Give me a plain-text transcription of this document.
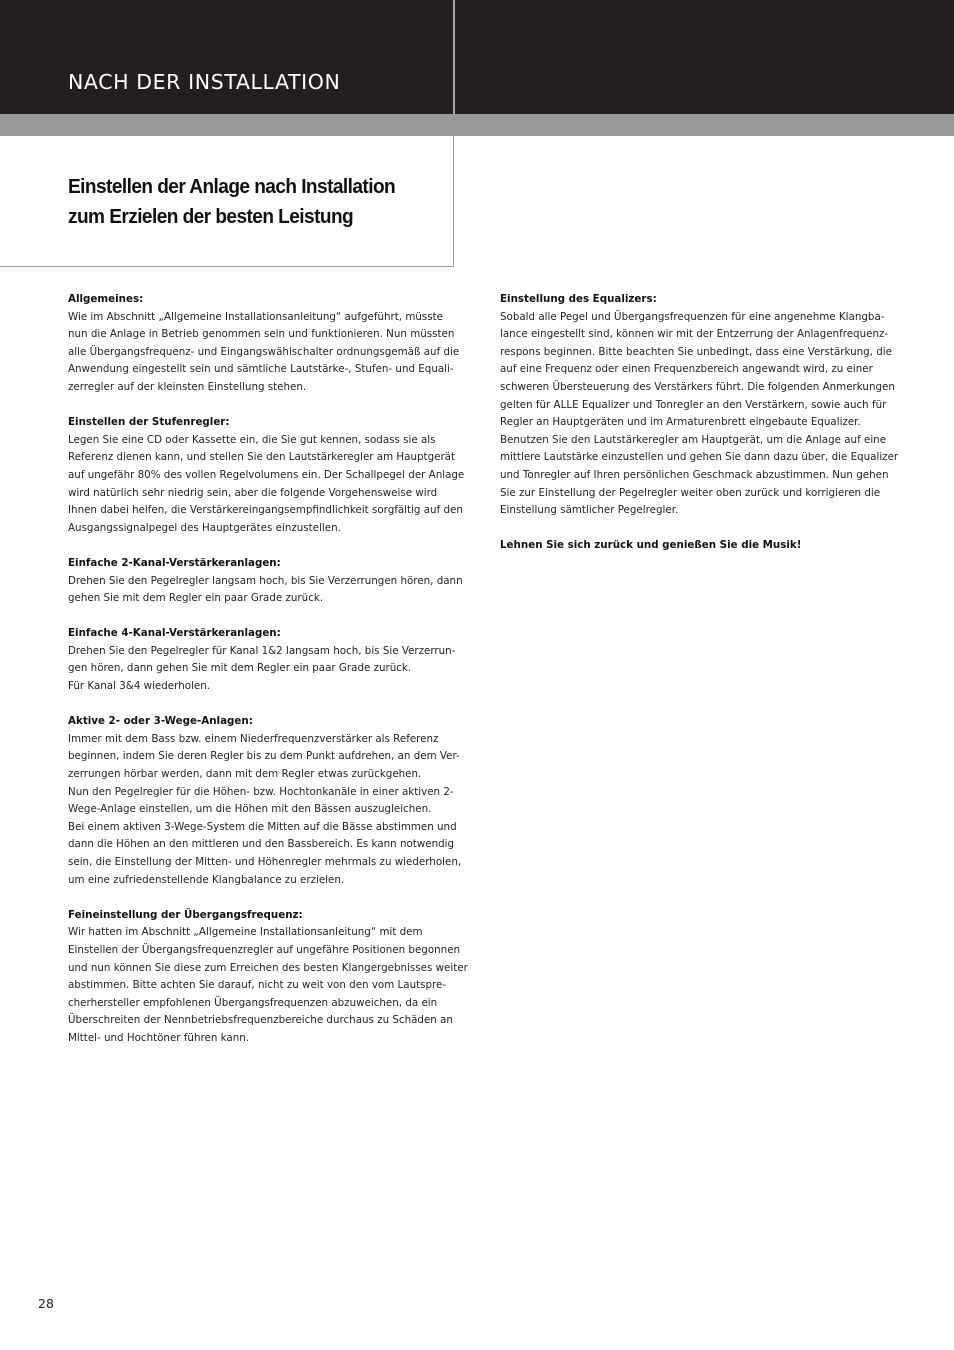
NACH DER INSTALLATION
Einstellen der Anlage nach Installation
zum Erzielen der besten Leistung
Allgemeines:
Wie im Abschnitt „Allgemeine Installationsanleitung“ aufgeführt, müsste
nun die Anlage in Betrieb genommen sein und funktionieren. Nun müssten
alle Übergangsfrequenz- und Eingangswählschalter ordnungsgemäß auf die
Anwendung eingestellt sein und sämtliche Lautstärke-, Stufen- und Equali-
zerregler auf der kleinsten Einstellung stehen.
Einstellen der Stufenregler:
Legen Sie eine CD oder Kassette ein, die Sie gut kennen, sodass sie als
Referenz dienen kann, und stellen Sie den Lautstärkeregler am Hauptgerät
auf ungefähr 80% des vollen Regelvolumens ein. Der Schallpegel der Anlage
wird natürlich sehr niedrig sein, aber die folgende Vorgehensweise wird
Ihnen dabei helfen, die Verstärkereingangsempfindlichkeit sorgfältig auf den
Ausgangssignalpegel des Hauptgerätes einzustellen.
Einfache 2-Kanal-Verstärkeranlagen:
Drehen Sie den Pegelregler langsam hoch, bis Sie Verzerrungen hören, dann
gehen Sie mit dem Regler ein paar Grade zurück.
Einfache 4-Kanal-Verstärkeranlagen:
Drehen Sie den Pegelregler für Kanal 1&2 langsam hoch, bis Sie Verzerrun-
gen hören, dann gehen Sie mit dem Regler ein paar Grade zurück.
Für Kanal 3&4 wiederholen.
Aktive 2- oder 3-Wege-Anlagen:
Immer mit dem Bass bzw. einem Niederfrequenzverstärker als Referenz
beginnen, indem Sie deren Regler bis zu dem Punkt aufdrehen, an dem Ver-
zerrungen hörbar werden, dann mit dem Regler etwas zurückgehen.
Nun den Pegelregler für die Höhen- bzw. Hochtonkanäle in einer aktiven 2-
Wege-Anlage einstellen, um die Höhen mit den Bässen auszugleichen.
Bei einem aktiven 3-Wege-System die Mitten auf die Bässe abstimmen und
dann die Höhen an den mittleren und den Bassbereich. Es kann notwendig
sein, die Einstellung der Mitten- und Höhenregler mehrmals zu wiederholen,
um eine zufriedenstellende Klangbalance zu erzielen.
Feineinstellung der Übergangsfrequenz:
Wir hatten im Abschnitt „Allgemeine Installationsanleitung“ mit dem
Einstellen der Übergangsfrequenzregler auf ungefähre Positionen begonnen
und nun können Sie diese zum Erreichen des besten Klangergebnisses weiter
abstimmen. Bitte achten Sie darauf, nicht zu weit von den vom Lautspre-
cherhersteller empfohlenen Übergangsfrequenzen abzuweichen, da ein
Überschreiten der Nennbetriebsfrequenzbereiche durchaus zu Schäden an
Mittel- und Hochtöner führen kann.
Einstellung des Equalizers:
Sobald alle Pegel und Übergangsfrequenzen für eine angenehme Klangba-
lance eingestellt sind, können wir mit der Entzerrung der Anlagenfrequenz-
respons beginnen. Bitte beachten Sie unbedingt, dass eine Verstärkung, die
auf eine Frequenz oder einen Frequenzbereich angewandt wird, zu einer
schweren Übersteuerung des Verstärkers führt. Die folgenden Anmerkungen
gelten für ALLE Equalizer und Tonregler an den Verstärkern, sowie auch für
Regler an Hauptgeräten und im Armaturenbrett eingebaute Equalizer.
Benutzen Sie den Lautstärkeregler am Hauptgerät, um die Anlage auf eine
mittlere Lautstärke einzustellen und gehen Sie dann dazu über, die Equalizer
und Tonregler auf Ihren persönlichen Geschmack abzustimmen. Nun gehen
Sie zur Einstellung der Pegelregler weiter oben zurück und korrigieren die
Einstellung sämtlicher Pegelregler.

Lehnen Sie sich zurück und genießen Sie die Musik!

28
